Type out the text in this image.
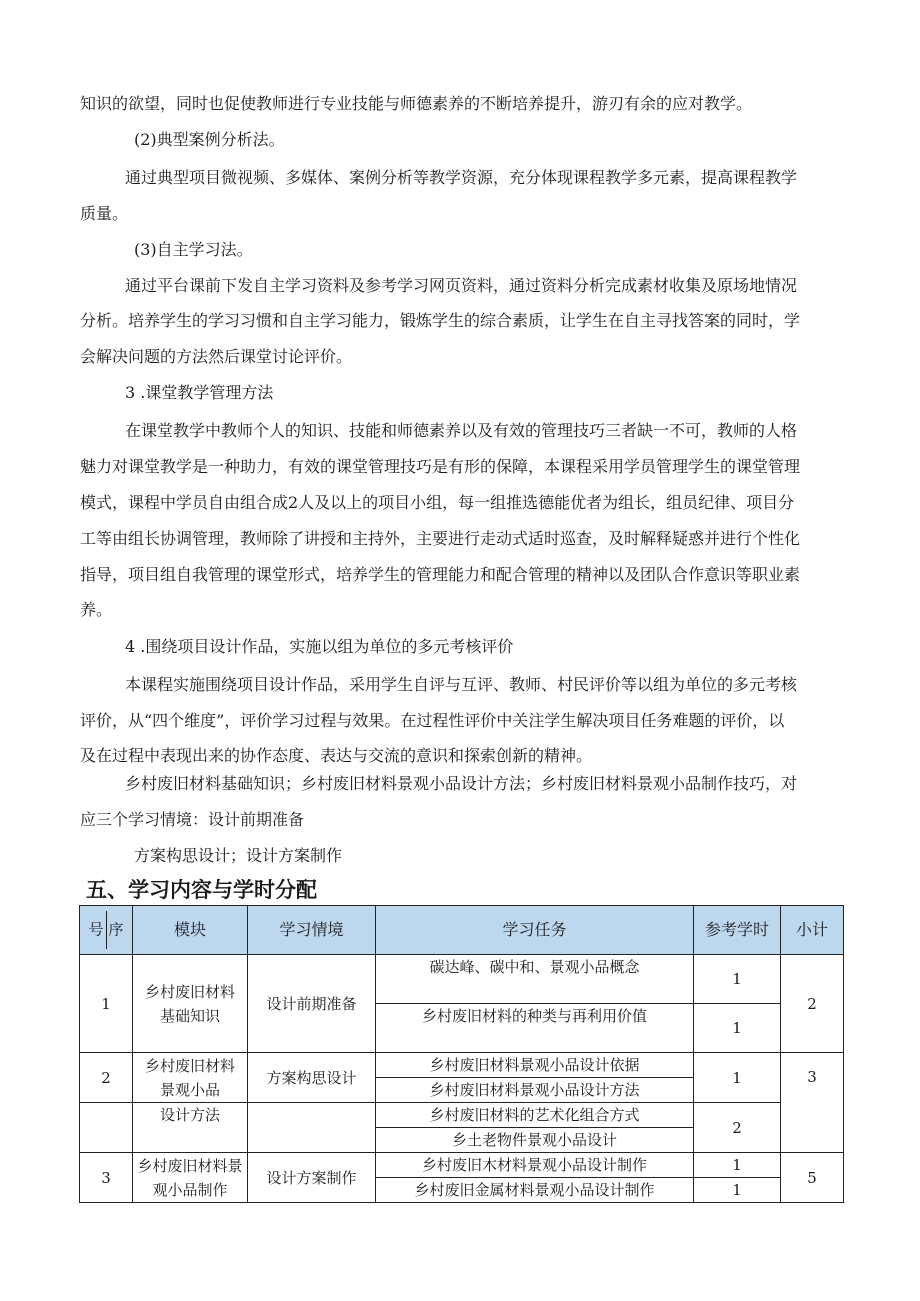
知识的欲望，同时也促使教师进行专业技能与师德素养的不断培养提升，游刃有余的应对教学。
(2)典型案例分析法。
通过典型项目微视频、多媒体、案例分析等教学资源，充分体现课程教学多元素，提高课程教学
质量。
(3)自主学习法。
通过平台课前下发自主学习资料及参考学习网页资料，通过资料分析完成素材收集及原场地情况
分析。培养学生的学习习惯和自主学习能力，锻炼学生的综合素质，让学生在自主寻找答案的同时，学
会解决问题的方法然后课堂讨论评价。
3 .课堂教学管理方法
在课堂教学中教师个人的知识、技能和师德素养以及有效的管理技巧三者缺一不可，教师的人格
魅力对课堂教学是一种助力，有效的课堂管理技巧是有形的保障，本课程采用学员管理学生的课堂管理
模式，课程中学员自由组合成2人及以上的项目小组，每一组推选德能优者为组长，组员纪律、项目分
工等由组长协调管理，教师除了讲授和主持外，主要进行走动式适时巡查，及时解释疑惑并进行个性化
指导，项目组自我管理的课堂形式，培养学生的管理能力和配合管理的精神以及团队合作意识等职业素
养。
4 .围绕项目设计作品，实施以组为单位的多元考核评价
本课程实施围绕项目设计作品，采用学生自评与互评、教师、村民评价等以组为单位的多元考核
评价，从“四个维度”，评价学习过程与效果。在过程性评价中关注学生解决项目任务难题的评价，以
及在过程中表现出来的协作态度、表达与交流的意识和探索创新的精神。
乡村废旧材料基础知识；乡村废旧材料景观小品设计方法；乡村废旧材料景观小品制作技巧，对
应三个学习情境：设计前期准备
方案构思设计；设计方案制作
五、学习内容与学时分配
号 序	模块	学习情境	学习任务	参考学时	小计
1	乡村废旧材料基础知识	设计前期准备	碳达峰、碳中和、景观小品概念	1	2
			乡村废旧材料的种类与再利用价值	1	
2	乡村废旧材料景观小品	方案构思设计	乡村废旧材料景观小品设计依据	1	3
			乡村废旧材料景观小品设计方法		
	设计方法		乡村废旧材料的艺术化组合方式	2	
			乡土老物件景观小品设计		
3	乡村废旧材料景观小品制作	设计方案制作	乡村废旧木材料景观小品设计制作	1	5
			乡村废旧金属材料景观小品设计制作	1	
